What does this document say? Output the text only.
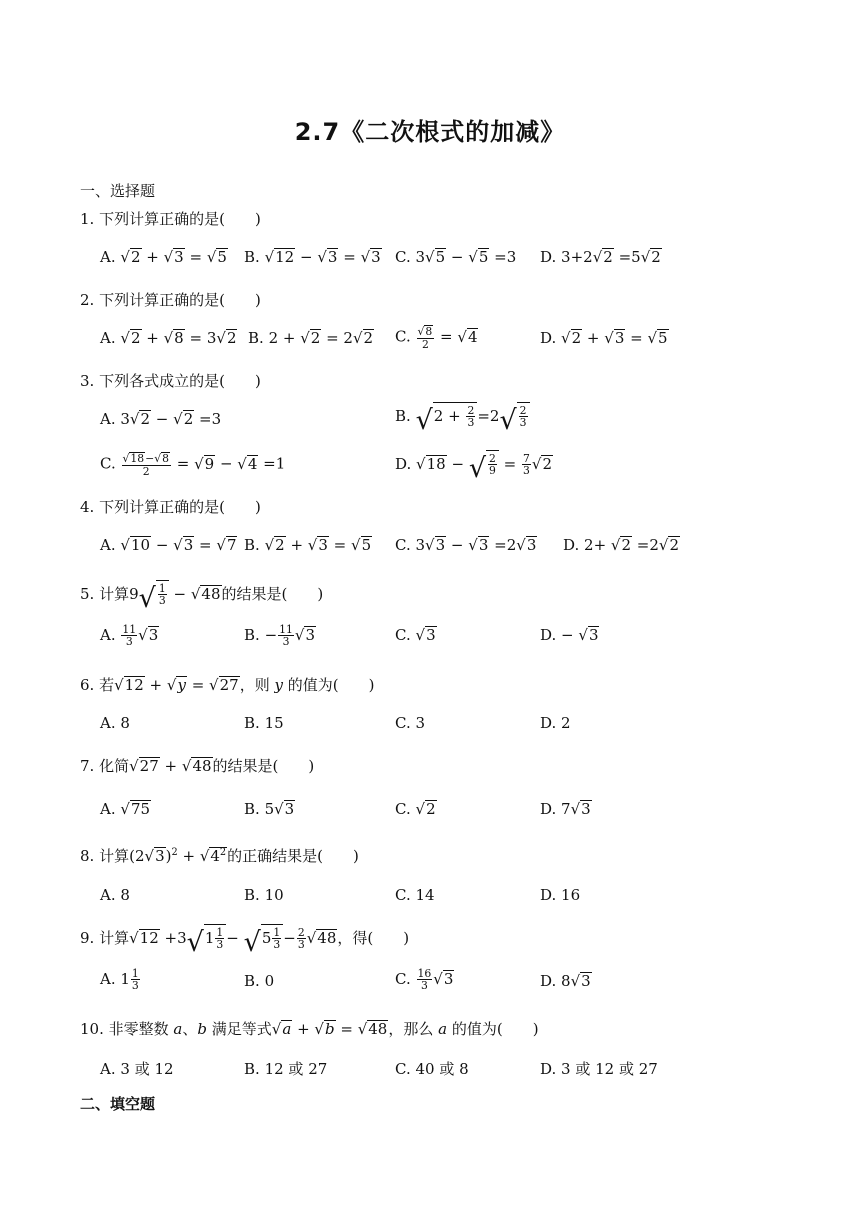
2.7《二次根式的加减》
一、选择题
1. 下列计算正确的是(　　)
A. √2 + √3 = √5 B. √12 − √3 = √3 C. 3√5 − √5 =3 D. 3+2√2 =5√2
2. 下列计算正确的是(　　)
A. √2 + √8 = 3√2 B. 2 + √2 = 2√2 C. $\frac{√8}{2} = √4$	D. √2 + √3 = √5
3. 下列各式成立的是(　　)
A. 3√2 − √2 =3	B. $√2 + \frac{2}{3} =2√ \frac{2}{3}$
C. $\frac{√18-√8}{2} = √9 - √4 =1$	D. √18 − √ $\frac{2}{9} = \frac{7}{3} √2$
4. 下列计算正确的是(　　)
A. √10 − √3 = √7 B. √2 + √3 = √5 C. 3√3 − √3 =2√3 D. 2+ √2 =2√2
5. 计算$9√ \frac{1}{3} - √48$的结果是(　　)
A. $\frac{11}{3} √3$	B. − $\frac{11}{3} √3$	C. √3	D. − √3
6. 若√12 + √y = √27，则 y 的值为(　　)
A. 8	B. 15	C. 3	D. 2
7. 化简√27 + √48的结果是(　　)
A. √75	B. 5√3	C. √2	D. 7√3
8. 计算$(2√3)^2 + √4^2$的正确结果是(　　)
A. 8	B. 10	C. 14	D. 16
9. 计算$√12 +3√1 \frac{1}{3} - √5 \frac{1}{3} - \frac{2}{3} √48$，得(　　)
A. $1 \frac{1}{3}$	B. 0	C. $\frac{16}{3} √3$	D. 8√3
10. 非零整数 a、b 满足等式√a + √b = √48，那么 a 的值为(　　)
A. 3 或 12	B. 12 或 27	C. 40 或 8	D. 3 或 12 或 27
二、填空题
